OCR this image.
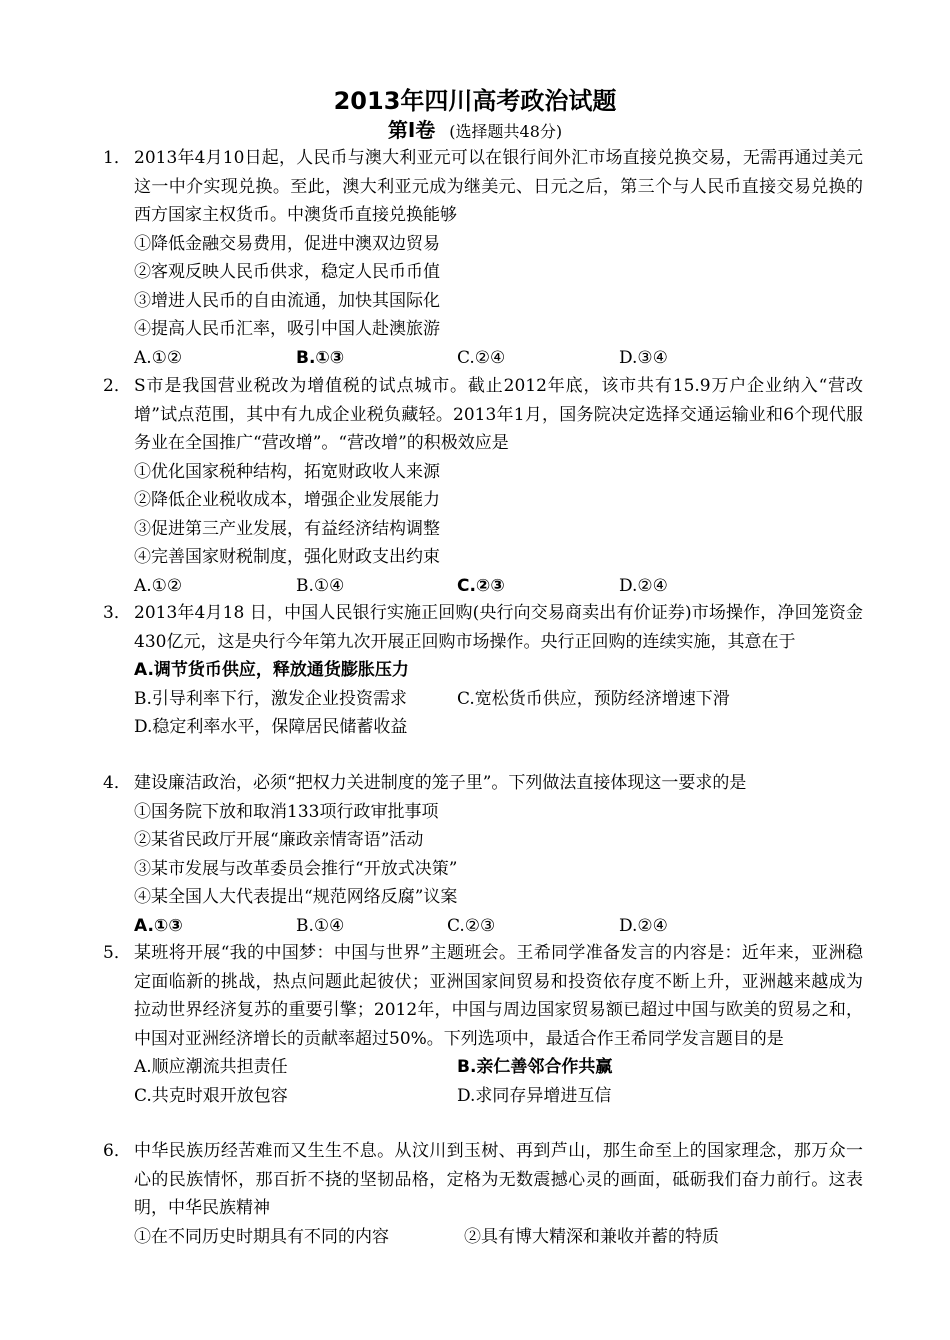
2013年四川高考政治试题
第Ⅰ卷 (选择题共48分)
1． 2013年4月10日起，人民币与澳大利亚元可以在银行间外汇市场直接兑换交易，无需再通过美元这一中介实现兑换。至此，澳大利亚元成为继美元、日元之后，第三个与人民币直接交易兑换的西方国家主权货币。中澳货币直接兑换能够
①降低金融交易费用，促进中澳双边贸易
②客观反映人民币供求，稳定人民币币值
③增进人民币的自由流通，加快其国际化
④提高人民币汇率，吸引中国人赴澳旅游
A.①②	B.①③	C.②④	D.③④
2． S市是我国营业税改为增值税的试点城市。截止2012年底，该市共有15.9万户企业纳入“营改增”试点范围，其中有九成企业税负藏轻。2013年1月，国务院决定选择交通运输业和6个现代服务业在全国推广“营改增”。“营改增”的积极效应是
①优化国家税种结构，拓宽财政收人来源
②降低企业税收成本，增强企业发展能力
③促进第三产业发展，有益经济结构调整
④完善国家财税制度，强化财政支出约束
A.①②	B.①④	C.②③	D.②④
3． 2013年4月18 日，中国人民银行实施正回购(央行向交易商卖出有价证券)市场操作，净回笼资金430亿元，这是央行今年第九次开展正回购市场操作。央行正回购的连续实施，其意在于
A.调节货币供应，释放通货膨胀压力
B.引导利率下行，激发企业投资需求	C.宽松货币供应，预防经济增速下滑
D.稳定利率水平，保障居民储蓄收益
4． 建设廉洁政治，必须“把权力关进制度的笼子里”。下列做法直接体现这一要求的是
①国务院下放和取消133项行政审批事项
②某省民政厅开展“廉政亲情寄语”活动
③某市发展与改革委员会推行“开放式决策”
④某全国人大代表提出“规范网络反腐”议案
A.①③	B.①④	C.②③	D.②④
5． 某班将开展“我的中国梦：中国与世界”主题班会。王希同学准备发言的内容是：近年来，亚洲稳定面临新的挑战，热点问题此起彼伏；亚洲国家间贸易和投资依存度不断上升，亚洲越来越成为拉动世界经济复苏的重要引擎；2012年，中国与周边国家贸易额已超过中国与欧美的贸易之和，中国对亚洲经济增长的贡献率超过50%。下列选项中，最适合作王希同学发言题目的是
A.顺应潮流共担责任	B.亲仁善邻合作共赢
C.共克时艰开放包容	D.求同存异增进互信
6． 中华民族历经苦难而又生生不息。从汶川到玉树、再到芦山，那生命至上的国家理念，那万众一心的民族情怀，那百折不挠的坚韧品格，定格为无数震撼心灵的画面，砥砺我们奋力前行。这表明，中华民族精神
①在不同历史时期具有不同的内容	②具有博大精深和兼收并蓄的特质
